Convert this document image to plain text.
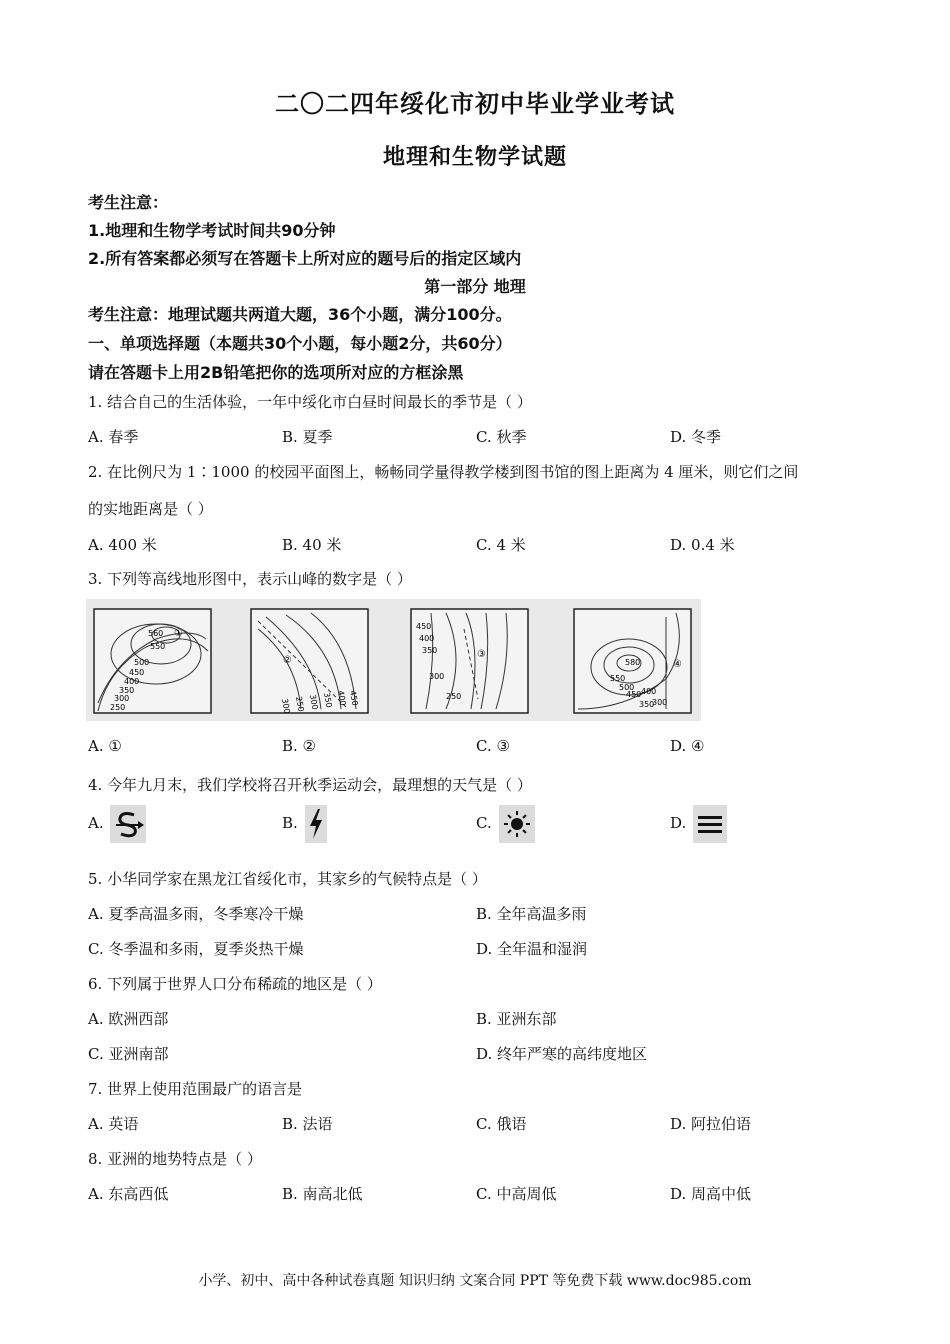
二〇二四年绥化市初中毕业学业考试
地理和生物学试题
考生注意：
1.地理和生物学考试时间共90分钟
2.所有答案都必须写在答题卡上所对应的题号后的指定区域内
第一部分 地理
考生注意：地理试题共两道大题，36个小题，满分100分。
一、单项选择题（本题共30个小题，每小题2分，共60分）
请在答题卡上用2B铅笔把你的选项所对应的方框涂黑
1. 结合自己的生活体验，一年中绥化市白昼时间最长的季节是（ ）
A. 春季	B. 夏季	C. 秋季	D. 冬季
2. 在比例尺为 1∶1000 的校园平面图上，畅畅同学量得教学楼到图书馆的图上距离为 4 厘米，则它们之间
的实地距离是（ ）
A. 400 米	B. 40 米	C. 4 米	D. 0.4 米
3. 下列等高线地形图中，表示山峰的数字是（ ）
560 ①
550
500
450
400
350
300
250
②
300 250 300 350 400 450
③
450
400
350
300
250
580	④
550
500
450 400
350
300
A. ①	B. ②	C. ③	D. ④
4. 今年九月末，我们学校将召开秋季运动会，最理想的天气是（ ）
A.	B.	C.	D.
5. 小华同学家在黑龙江省绥化市，其家乡的气候特点是（ ）
A. 夏季高温多雨，冬季寒冷干燥	B. 全年高温多雨
C. 冬季温和多雨，夏季炎热干燥	D. 全年温和湿润
6. 下列属于世界人口分布稀疏的地区是（ ）
A. 欧洲西部	B. 亚洲东部
C. 亚洲南部	D. 终年严寒的高纬度地区
7. 世界上使用范围最广的语言是
A. 英语	B. 法语	C. 俄语	D. 阿拉伯语
8. 亚洲的地势特点是（ ）
A. 东高西低	B. 南高北低	C. 中高周低	D. 周高中低
小学、初中、高中各种试卷真题 知识归纳 文案合同 PPT 等免费下载 www.doc985.com
